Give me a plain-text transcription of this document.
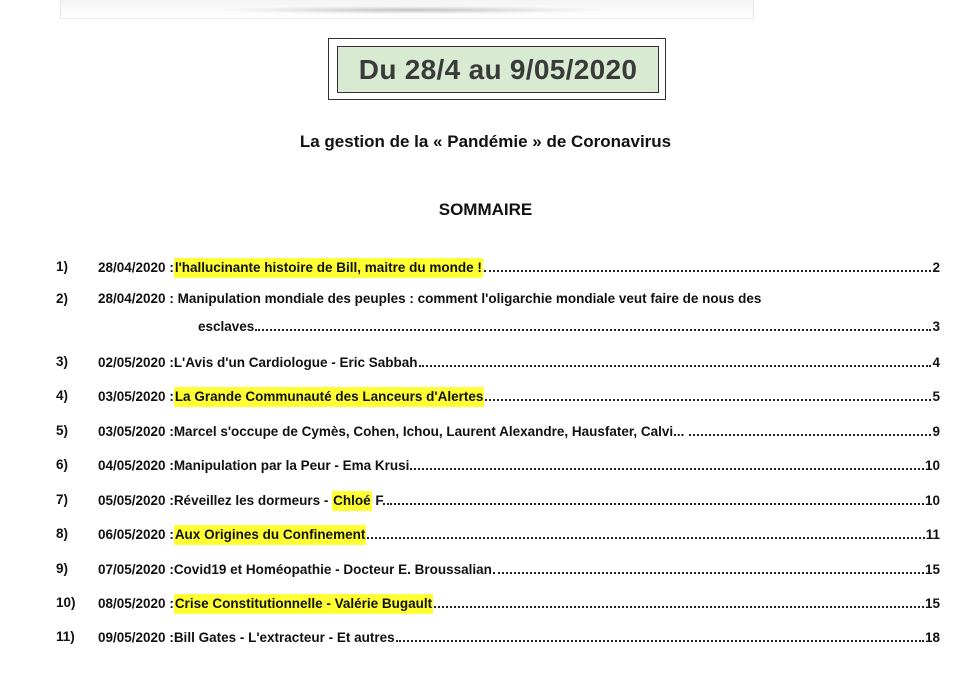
Du 28/4 au 9/05/2020
La gestion de la « Pandémie » de Coronavirus
SOMMAIRE
1) 28/04/2020 : l'hallucinante histoire de Bill, maitre du monde !	2
2) 28/04/2020 : Manipulation mondiale des peuples : comment l'oligarchie mondiale veut faire de nous des
esclaves	3
3) 02/05/2020 : L'Avis d'un Cardiologue - Eric Sabbah	4
4) 03/05/2020 : La Grande Communauté des Lanceurs d'Alertes	5
5) 03/05/2020 : Marcel s'occupe de Cymès, Cohen, Ichou, Laurent Alexandre, Hausfater, Calvi...	9
6) 04/05/2020 : Manipulation par la Peur - Ema Krusi	10
7) 05/05/2020 : Réveillez les dormeurs - Chloé F.	10
8) 06/05/2020 : Aux Origines du Confinement	11
9) 07/05/2020 : Covid19 et Homéopathie - Docteur E. Broussalian	15
10) 08/05/2020 : Crise Constitutionnelle - Valérie Bugault	15
11) 09/05/2020 : Bill Gates - L'extracteur - Et autres	18
